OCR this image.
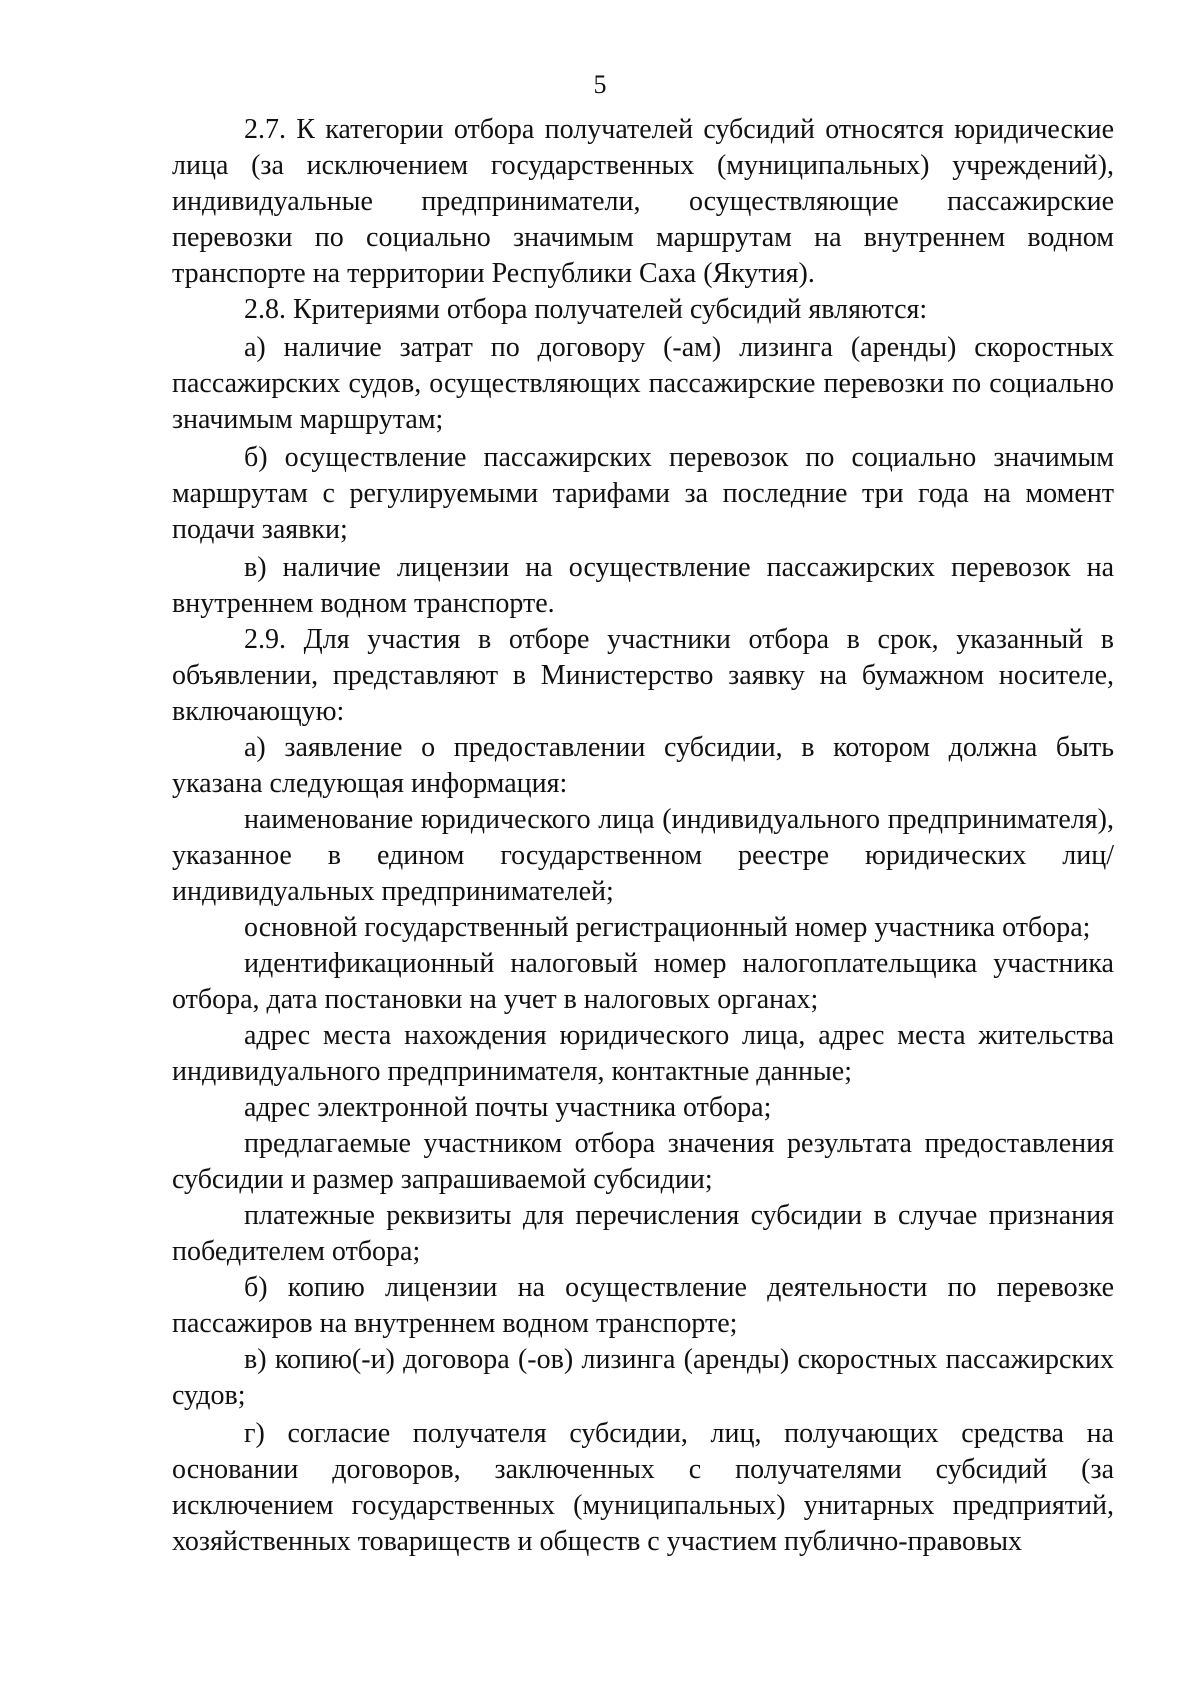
5

2.7. К категории отбора получателей субсидий относятся юридические лица (за исключением государственных (муниципальных) учреждений), индивидуальные предприниматели, осуществляющие пассажирские перевозки по социально значимым маршрутам на внутреннем водном транспорте на территории Республики Саха (Якутия).

2.8. Критериями отбора получателей субсидий являются:

а) наличие затрат по договору (-ам) лизинга (аренды) скоростных пассажирских судов, осуществляющих пассажирские перевозки по социально значимым маршрутам;

б) осуществление пассажирских перевозок по социально значимым маршрутам с регулируемыми тарифами за последние три года на момент подачи заявки;

в) наличие лицензии на осуществление пассажирских перевозок на внутреннем водном транспорте.

2.9. Для участия в отборе участники отбора в срок, указанный в объявлении, представляют в Министерство заявку на бумажном носителе, включающую:

а) заявление о предоставлении субсидии, в котором должна быть указана следующая информация:

наименование юридического лица (индивидуального предпринимателя), указанное в едином государственном реестре юридических лиц/индивидуальных предпринимателей;

основной государственный регистрационный номер участника отбора;

идентификационный налоговый номер налогоплательщика участника отбора, дата постановки на учет в налоговых органах;

адрес места нахождения юридического лица, адрес места жительства индивидуального предпринимателя, контактные данные;

адрес электронной почты участника отбора;

предлагаемые участником отбора значения результата предоставления субсидии и размер запрашиваемой субсидии;

платежные реквизиты для перечисления субсидии в случае признания победителем отбора;

б) копию лицензии на осуществление деятельности по перевозке пассажиров на внутреннем водном транспорте;

в) копию(-и) договора (-ов) лизинга (аренды) скоростных пассажирских судов;

г) согласие получателя субсидии, лиц, получающих средства на основании договоров, заключенных с получателями субсидий (за исключением государственных (муниципальных) унитарных предприятий, хозяйственных товариществ и обществ с участием публично-правовых
